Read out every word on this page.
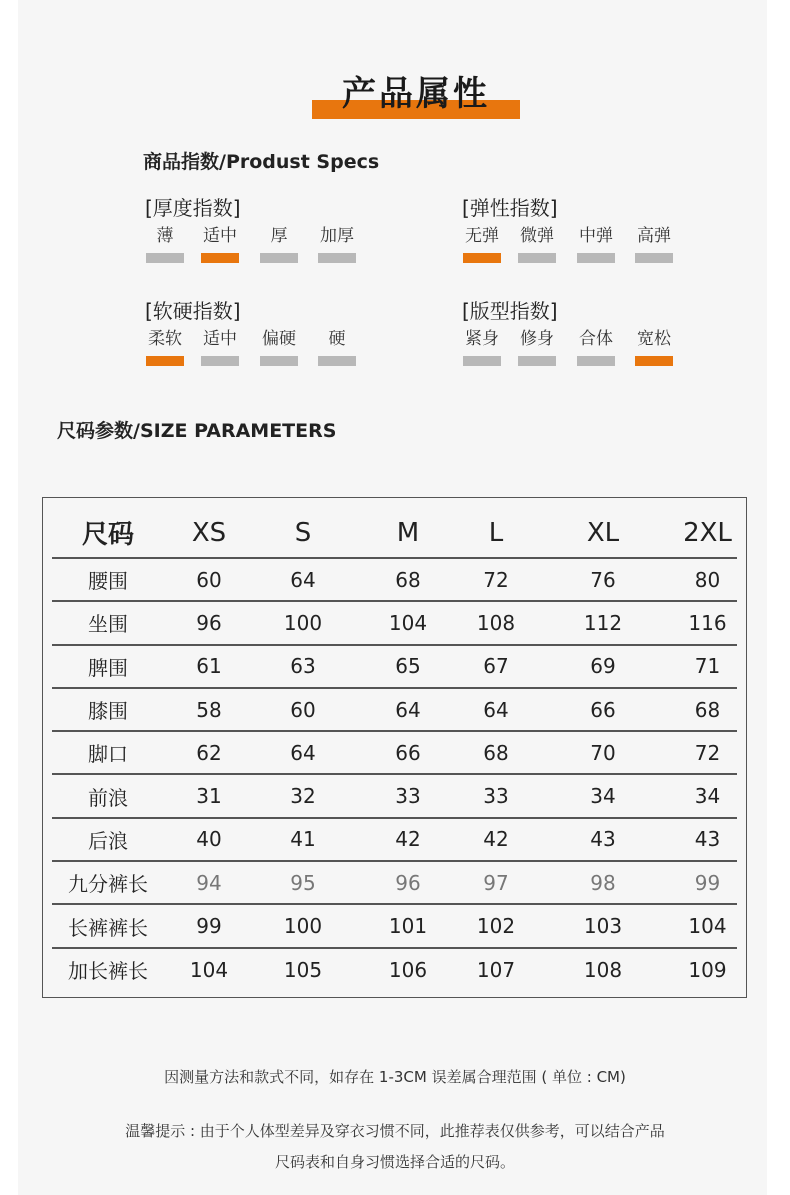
产品属性
商品指数/Produst Specs
[厚度指数]
薄	适中	厚	加厚
[弹性指数]
无弹 微弹 中弹 高弹
[软硬指数]
柔软 适中 偏硬	硬
[版型指数]
紧身 修身 合体 宽松
尺码参数/SIZE PARAMETERS
尺码	XS	S	M	L	XL	2XL
腰围	60	64	68	72	76	80
坐围	96	100	104	108	112	116
脾围	61	63	65	67	69	71
膝围	58	60	64	64	66	68
脚口	62	64	66	68	70	72
前浪	31	32	33	33	34	34
后浪	40	41	42	42	43	43
九分裤长	94	95	96	97	98	99
长裤裤长	99	100	101	102	103	104
加长裤长	104	105	106	107	108	109
因测量方法和款式不同，如存在 1-3CM 误差属合理范围 ( 单位 : CM)
温馨提示 : 由于个人体型差异及穿衣习惯不同，此推荐表仅供参考，可以结合产品
尺码表和自身习惯选择合适的尺码。
